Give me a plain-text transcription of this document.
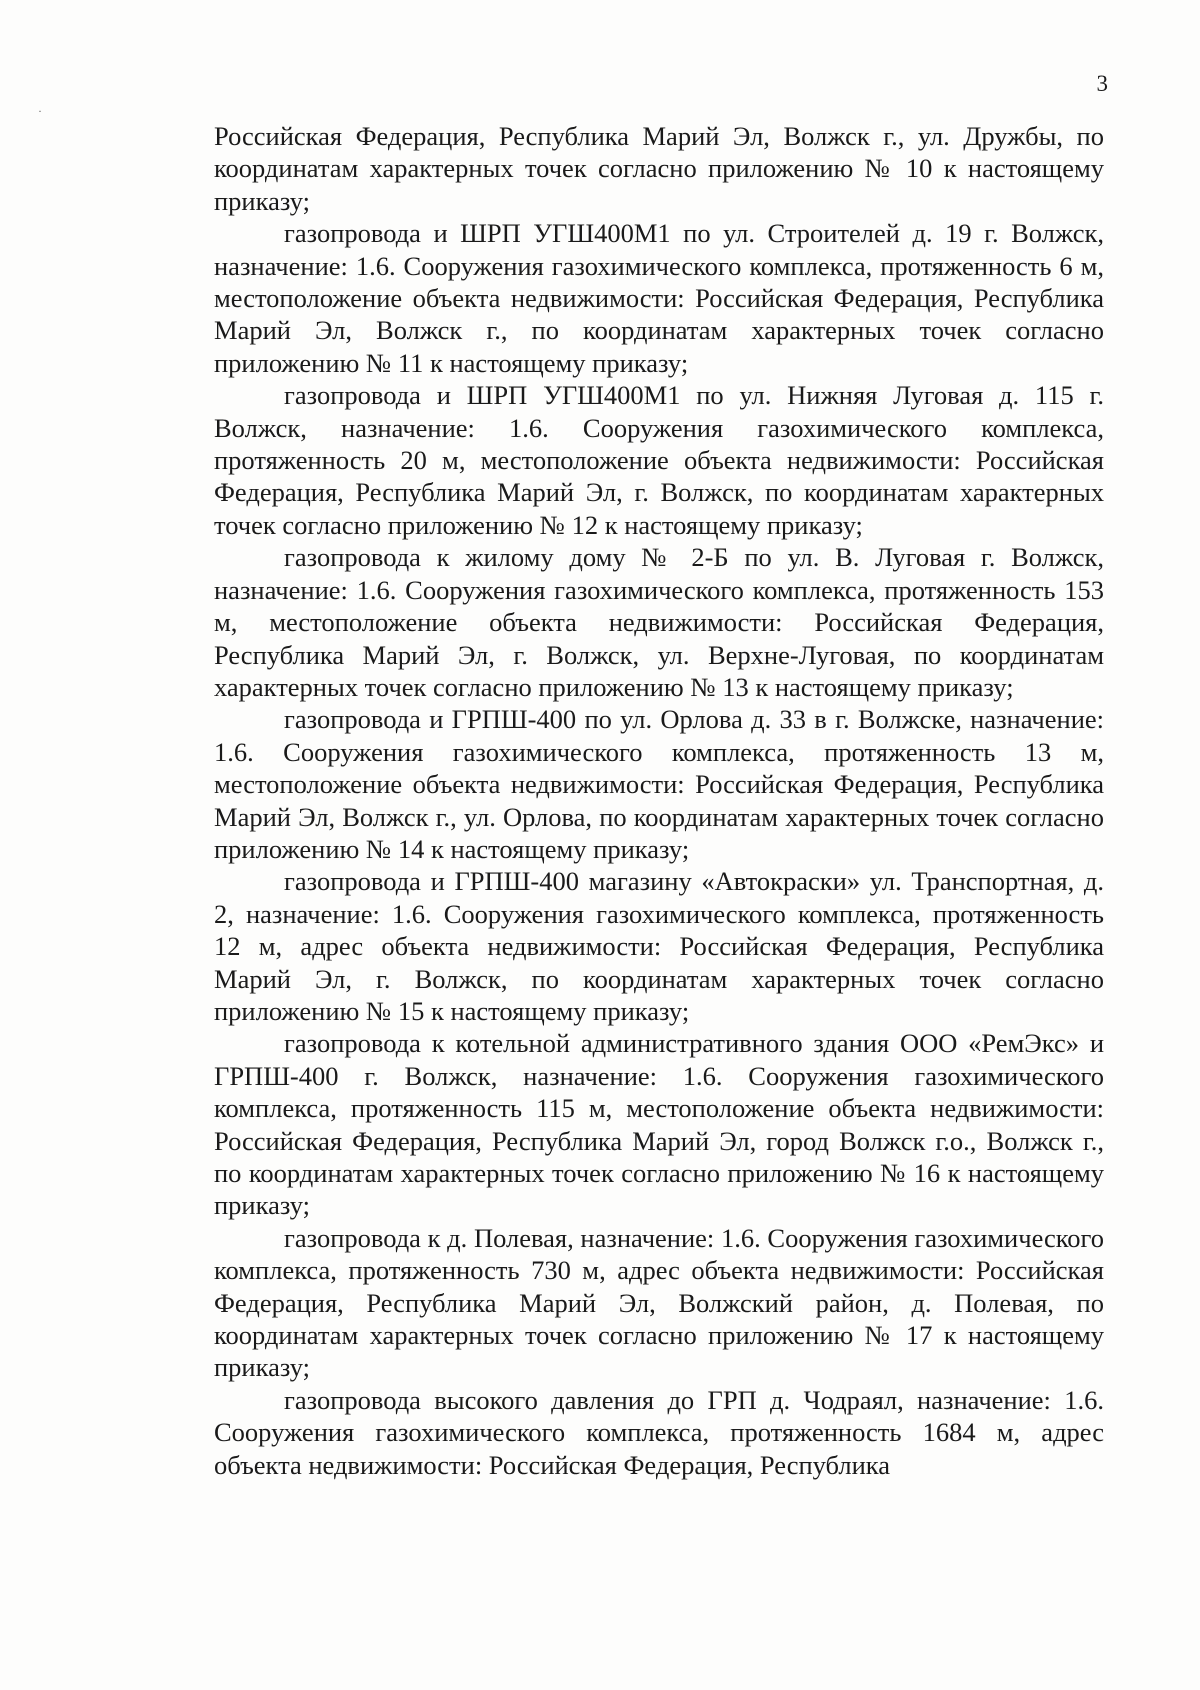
·
3

Российская Федерация, Республика Марий Эл, Волжск г., ул. Дружбы, по координатам характерных точек согласно приложению № 10 к настоящему приказу;

газопровода и ШРП УГШ400М1 по ул. Строителей д. 19 г. Волжск, назначение: 1.6. Сооружения газохимического комплекса, протяженность 6 м, местоположение объекта недвижимости: Российская Федерация, Республика Марий Эл, Волжск г., по координатам характерных точек согласно приложению № 11 к настоящему приказу;

газопровода и ШРП УГШ400М1 по ул. Нижняя Луговая д. 115 г. Волжск, назначение: 1.6. Сооружения газохимического комплекса, протяженность 20 м, местоположение объекта недвижимости: Российская Федерация, Республика Марий Эл, г. Волжск, по координатам характерных точек согласно приложению № 12 к настоящему приказу;

газопровода к жилому дому № 2-Б по ул. В. Луговая г. Волжск, назначение: 1.6. Сооружения газохимического комплекса, протяженность 153 м, местоположение объекта недвижимости: Российская Федерация, Республика Марий Эл, г. Волжск, ул. Верхне-Луговая, по координатам характерных точек согласно приложению № 13 к настоящему приказу;

газопровода и ГРПШ-400 по ул. Орлова д. 33 в г. Волжске, назначение: 1.6. Сооружения газохимического комплекса, протяженность 13 м, местоположение объекта недвижимости: Российская Федерация, Республика Марий Эл, Волжск г., ул. Орлова, по координатам характерных точек согласно приложению № 14 к настоящему приказу;

газопровода и ГРПШ-400 магазину «Автокраски» ул. Транспортная, д. 2, назначение: 1.6. Сооружения газохимического комплекса, протяженность 12 м, адрес объекта недвижимости: Российская Федерация, Республика Марий Эл, г. Волжск, по координатам характерных точек согласно приложению № 15 к настоящему приказу;

газопровода к котельной административного здания ООО «РемЭкс» и ГРПШ-400 г. Волжск, назначение: 1.6. Сооружения газохимического комплекса, протяженность 115 м, местоположение объекта недвижимости: Российская Федерация, Республика Марий Эл, город Волжск г.о., Волжск г., по координатам характерных точек согласно приложению № 16 к настоящему приказу;

газопровода к д. Полевая, назначение: 1.6. Сооружения газохимического комплекса, протяженность 730 м, адрес объекта недвижимости: Российская Федерация, Республика Марий Эл, Волжский район, д. Полевая, по координатам характерных точек согласно приложению № 17 к настоящему приказу;

газопровода высокого давления до ГРП д. Чодраял, назначение: 1.6. Сооружения газохимического комплекса, протяженность 1684 м, адрес объекта недвижимости: Российская Федерация, Республика
